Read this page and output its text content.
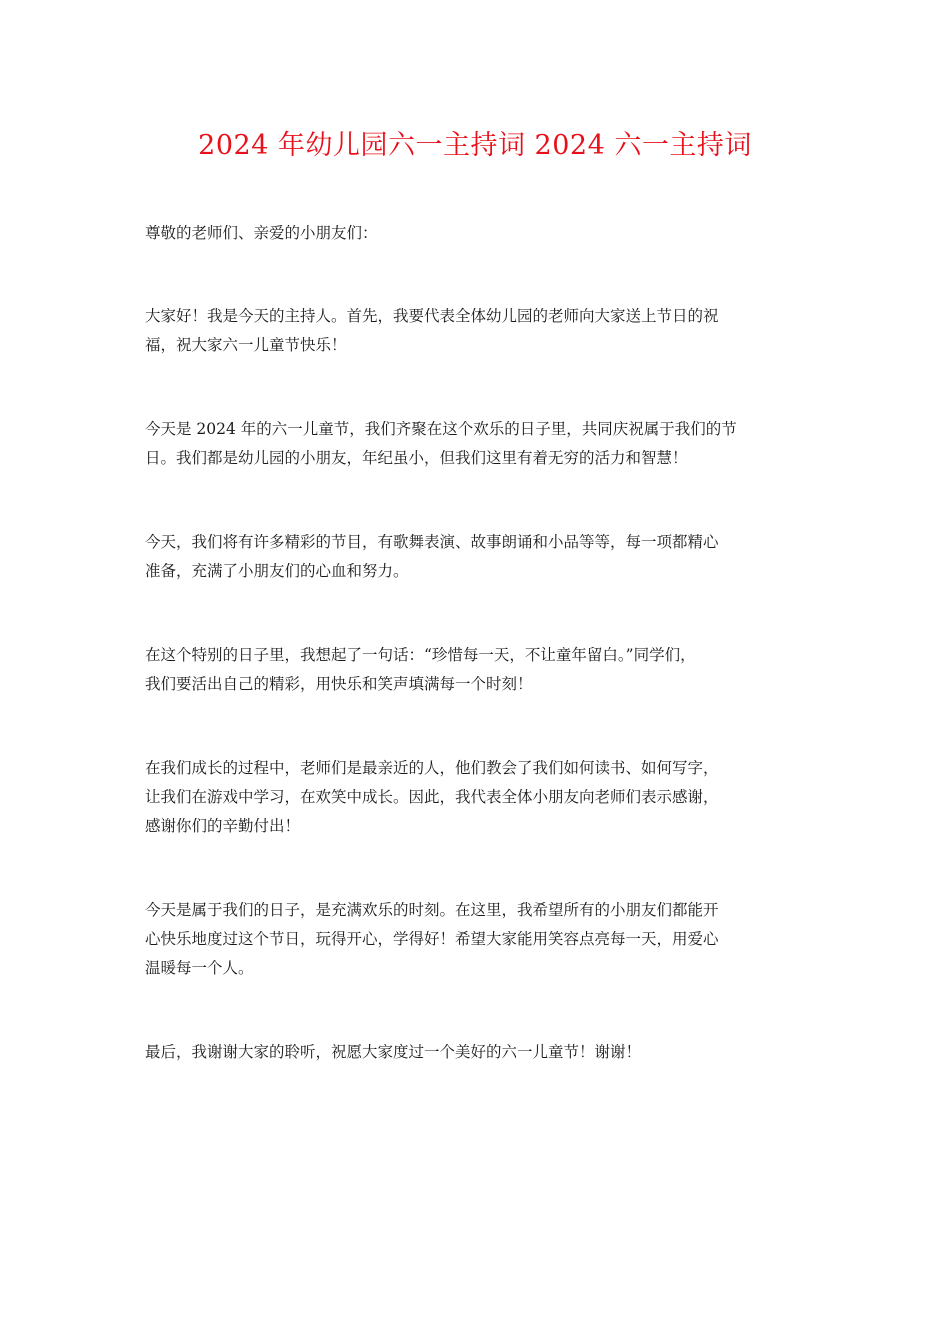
2024 年幼儿园六一主持词 2024 六一主持词
尊敬的老师们、亲爱的小朋友们：
大家好！我是今天的主持人。首先，我要代表全体幼儿园的老师向大家送上节日的祝
福，祝大家六一儿童节快乐！
今天是 2024 年的六一儿童节，我们齐聚在这个欢乐的日子里，共同庆祝属于我们的节
日。我们都是幼儿园的小朋友，年纪虽小，但我们这里有着无穷的活力和智慧！
今天，我们将有许多精彩的节目，有歌舞表演、故事朗诵和小品等等，每一项都精心
准备，充满了小朋友们的心血和努力。
在这个特别的日子里，我想起了一句话：“珍惜每一天，不让童年留白。”同学们，
我们要活出自己的精彩，用快乐和笑声填满每一个时刻！
在我们成长的过程中，老师们是最亲近的人，他们教会了我们如何读书、如何写字，
让我们在游戏中学习，在欢笑中成长。因此，我代表全体小朋友向老师们表示感谢，
感谢你们的辛勤付出！
今天是属于我们的日子，是充满欢乐的时刻。在这里，我希望所有的小朋友们都能开
心快乐地度过这个节日，玩得开心，学得好！希望大家能用笑容点亮每一天，用爱心
温暖每一个人。
最后，我谢谢大家的聆听，祝愿大家度过一个美好的六一儿童节！谢谢！
